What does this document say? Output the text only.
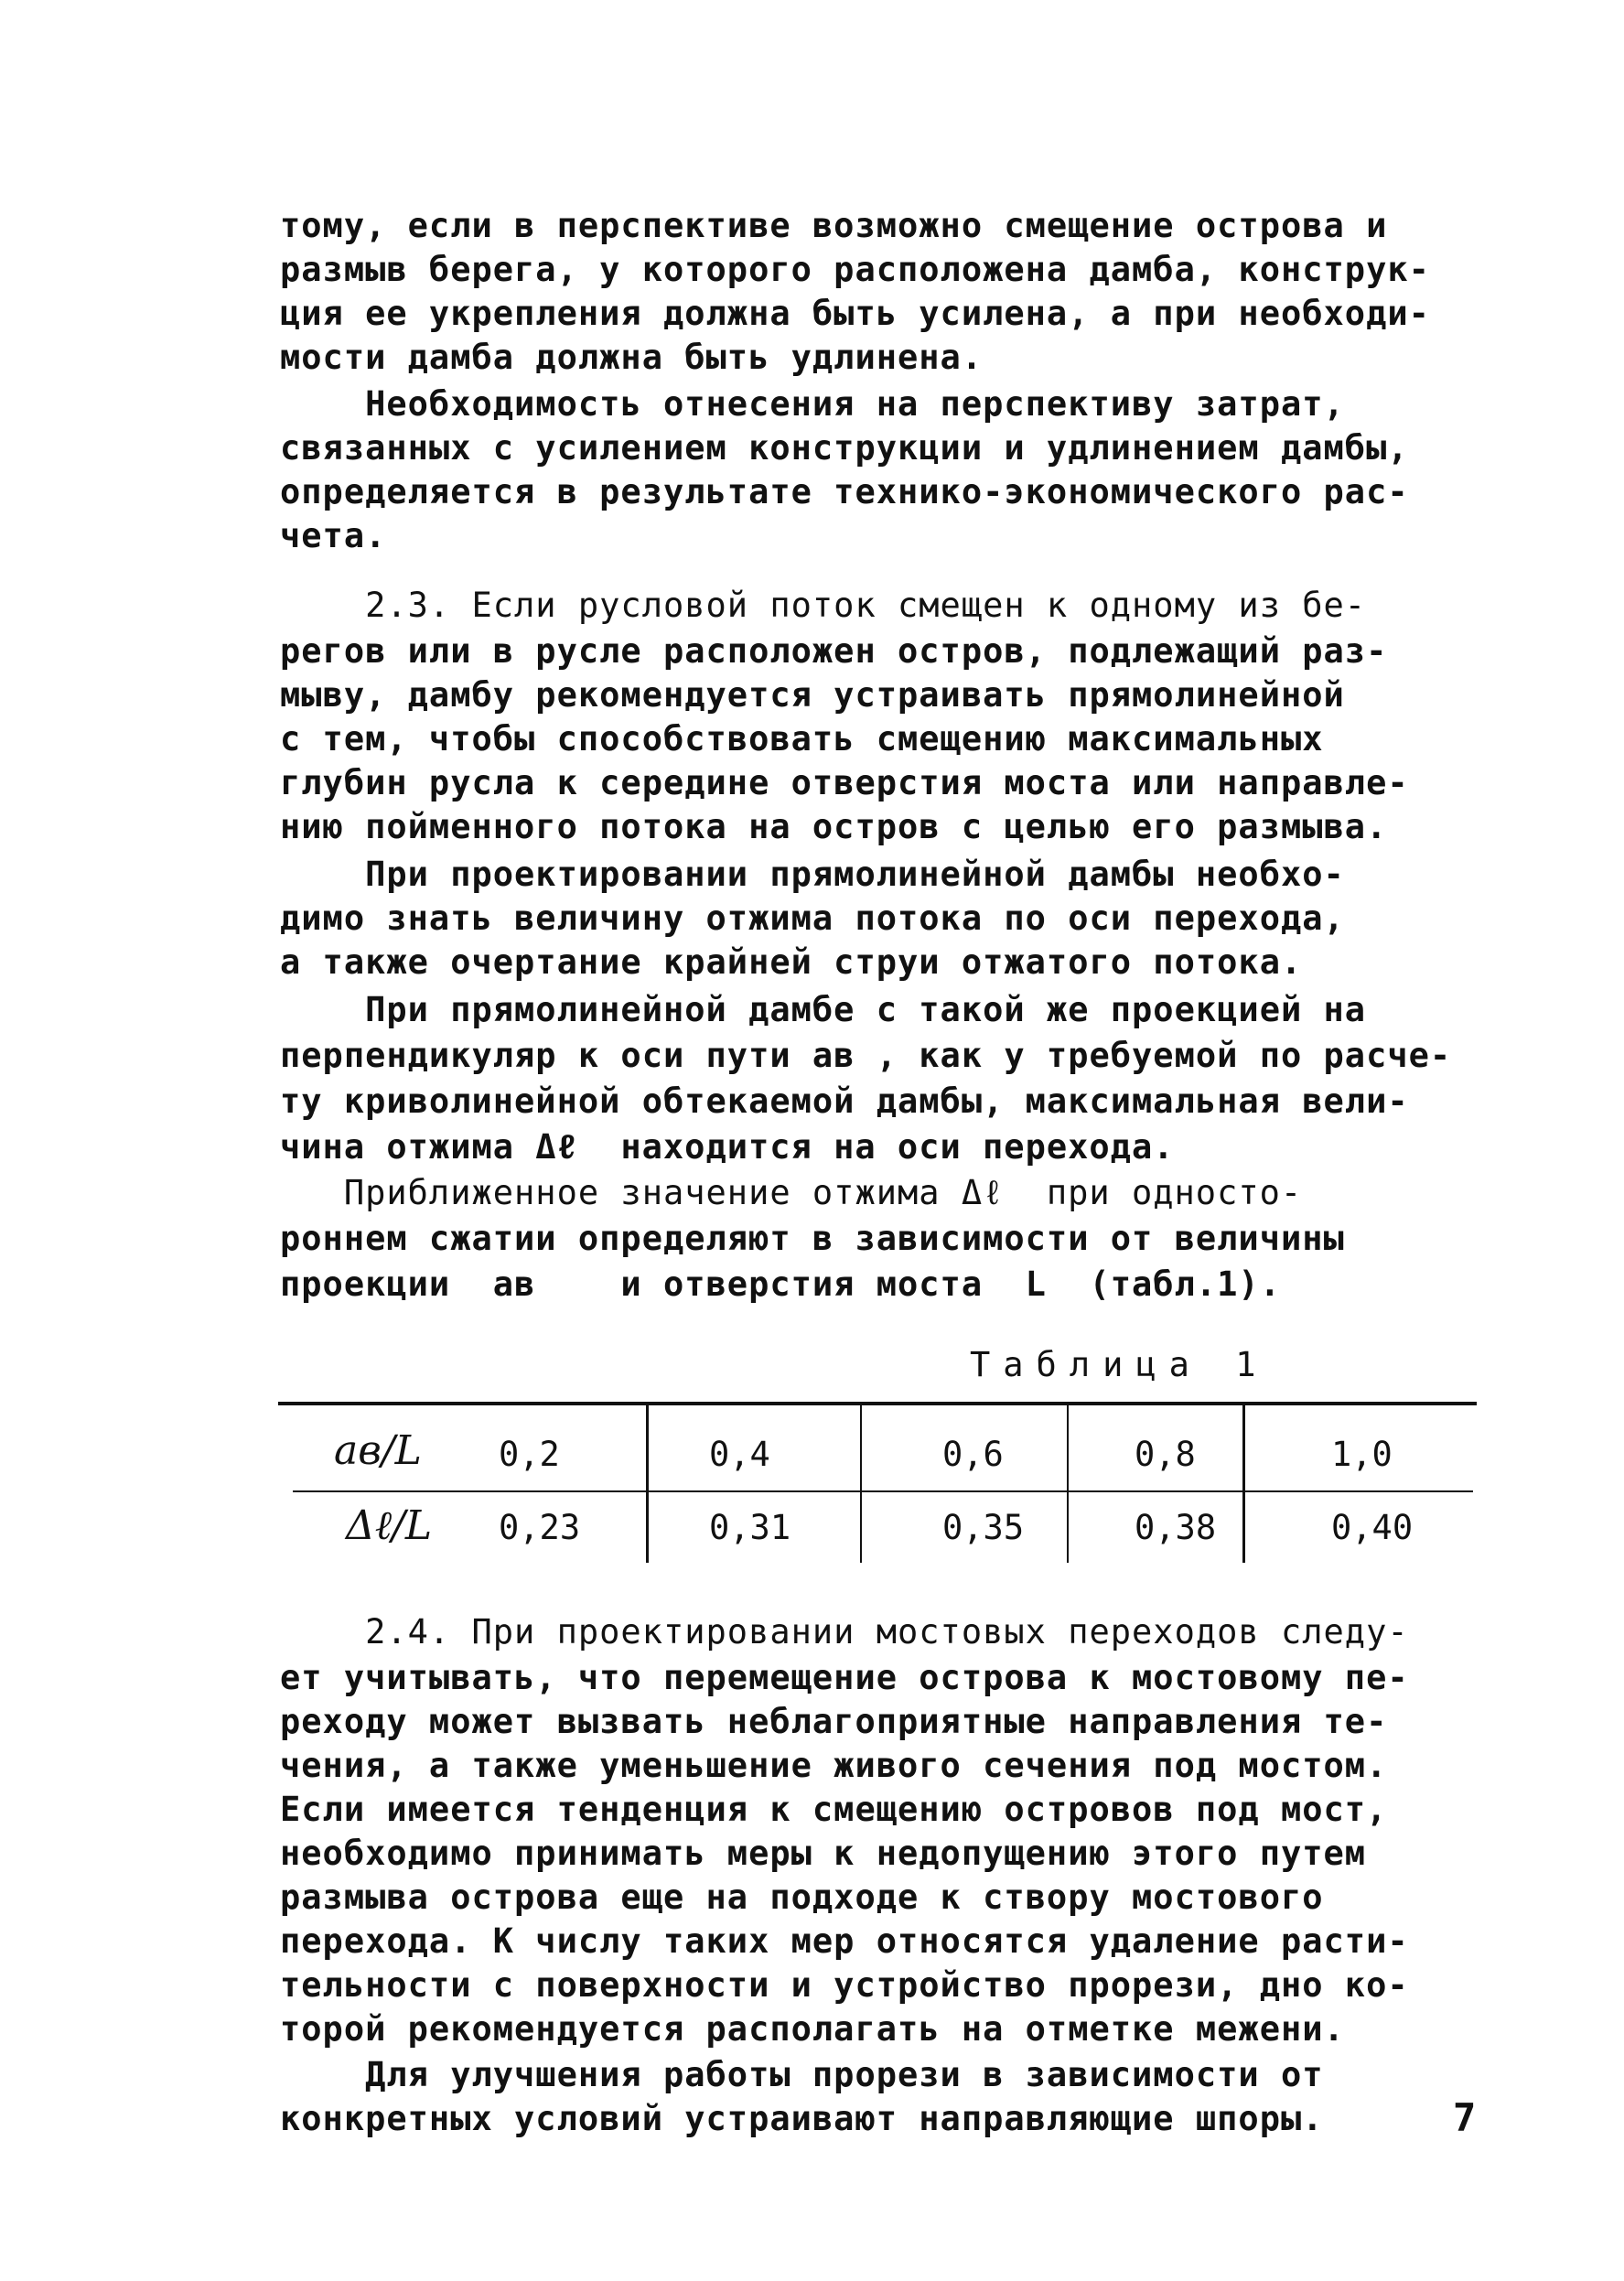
тому, если в перспективе возможно смещение острова и
размыв берега, у которого расположена дамба, конструк-
ция ее укрепления должна быть усилена, а при необходи-
мости дамба должна быть удлинена.
Необходимость отнесения на перспективу затрат,
связанных с усилением конструкции и удлинением дамбы,
определяется в результате технико-экономического рас-
чета.
2.3. Если русловой поток смещен к одному из бе-
регов или в русле расположен остров, подлежащий раз-
мыву, дамбу рекомендуется устраивать прямолинейной
с тем, чтобы способствовать смещению максимальных
глубин русла к середине отверстия моста или направле-
нию пойменного потока на остров с целью его размыва.
При проектировании прямолинейной дамбы необхо-
димо знать величину отжима потока по оси перехода,
а также очертание крайней струи отжатого потока.
При прямолинейной дамбе с такой же проекцией на
перпендикуляр к оси пути aв , как у требуемой по расче-
ту криволинейной обтекаемой дамбы, максимальная вели-
чина отжима Δℓ  находится на оси перехода.
Приближенное значение отжима Δℓ  при односто-
роннем сжатии определяют в зависимости от величины
проекции  aв    и отверстия моста  L  (табл.1).
Таблица 1
aв/L 0,2	0,4	0,6	0,8	1,0
Δℓ/L 0,23	0,31	0,35	0,38	0,40
2.4. При проектировании мостовых переходов следу-
ет учитывать, что перемещение острова к мостовому пе-
реходу может вызвать неблагоприятные направления те-
чения, а также уменьшение живого сечения под мостом.
Если имеется тенденция к смещению островов под мост,
необходимо принимать меры к недопущению этого путем
размыва острова еще на подходе к створу мостового
перехода. К числу таких мер относятся удаление расти-
тельности с поверхности и устройство прорези, дно ко-
торой рекомендуется располагать на отметке межени.
Для улучшения работы прорези в зависимости от
конкретных условий устраивают направляющие шпоры.	7
